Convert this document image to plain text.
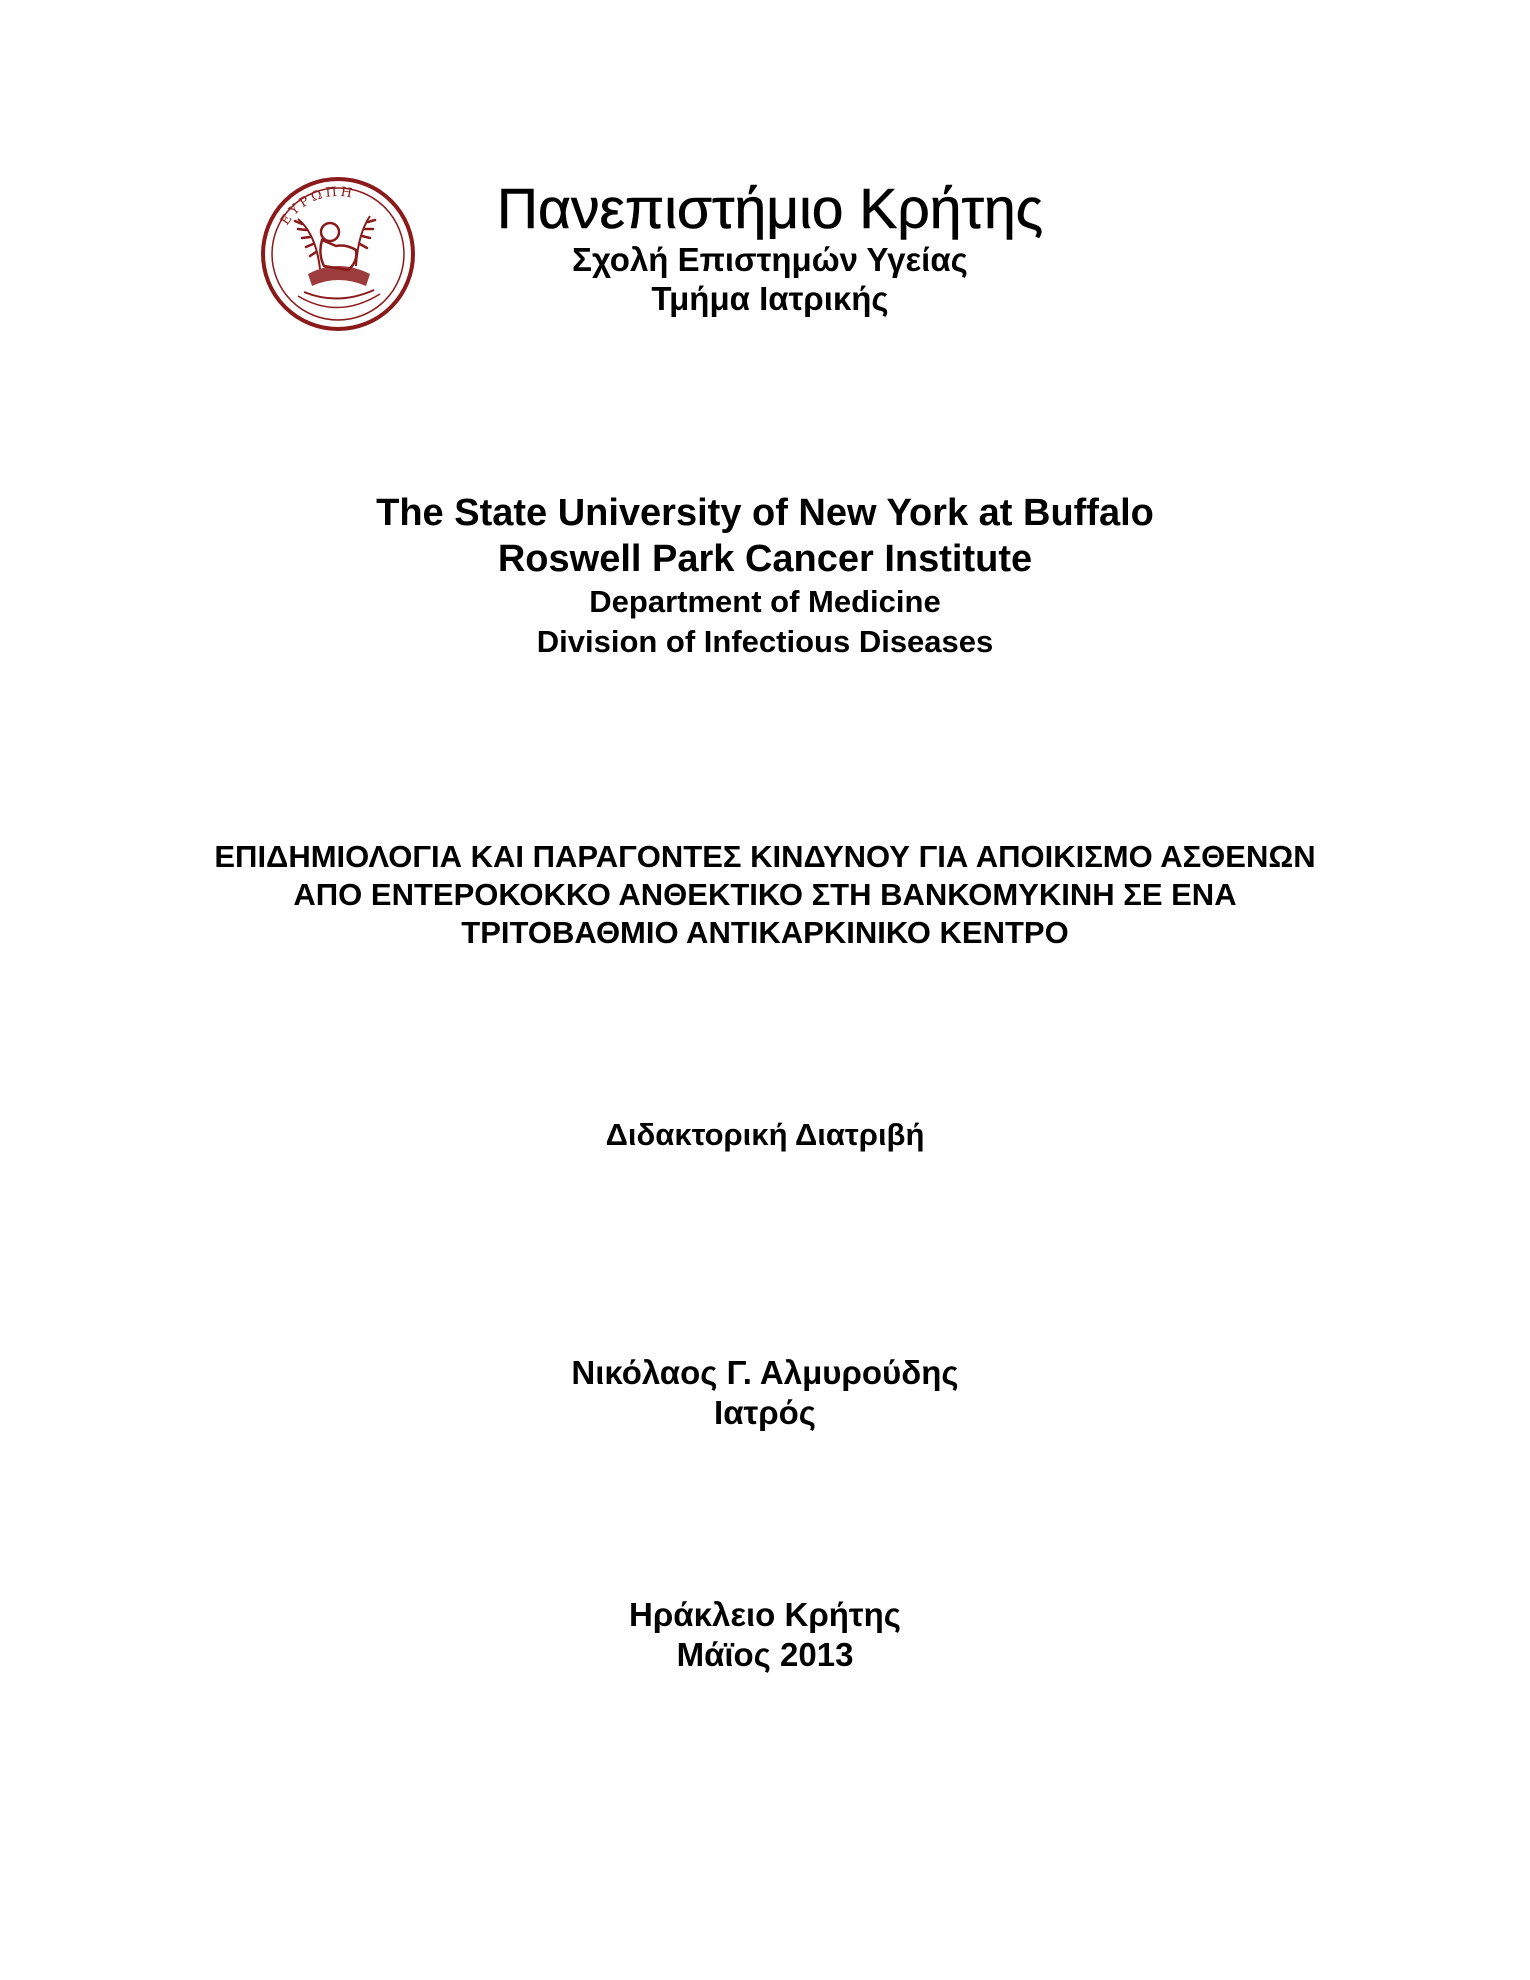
ΕΥΡΩΠΗ	Πανεπιστήμιο Κρήτης
Σχολή Επιστημών Υγείας
Τμήμα Ιατρικής
The State University of New York at Buffalo
Roswell Park Cancer Institute
Department of Medicine
Division of Infectious Diseases
ΕΠΙΔΗΜΙΟΛΟΓΙΑ ΚΑΙ ΠΑΡΑΓΟΝΤΕΣ ΚΙΝΔΥΝΟΥ ΓΙΑ ΑΠΟΙΚΙΣΜΟ ΑΣΘΕΝΩΝ
ΑΠΟ ΕΝΤΕΡΟΚΟΚΚΟ ΑΝΘΕΚΤΙΚΟ ΣΤΗ ΒΑΝΚΟΜΥΚΙΝΗ ΣΕ ΕΝΑ
ΤΡΙΤΟΒΑΘΜΙΟ ΑΝΤΙΚΑΡΚΙΝΙΚΟ ΚΕΝΤΡΟ
Διδακτορική Διατριβή
Νικόλαος Γ. Αλμυρούδης
Ιατρός
Ηράκλειο Κρήτης
Μάϊος 2013
